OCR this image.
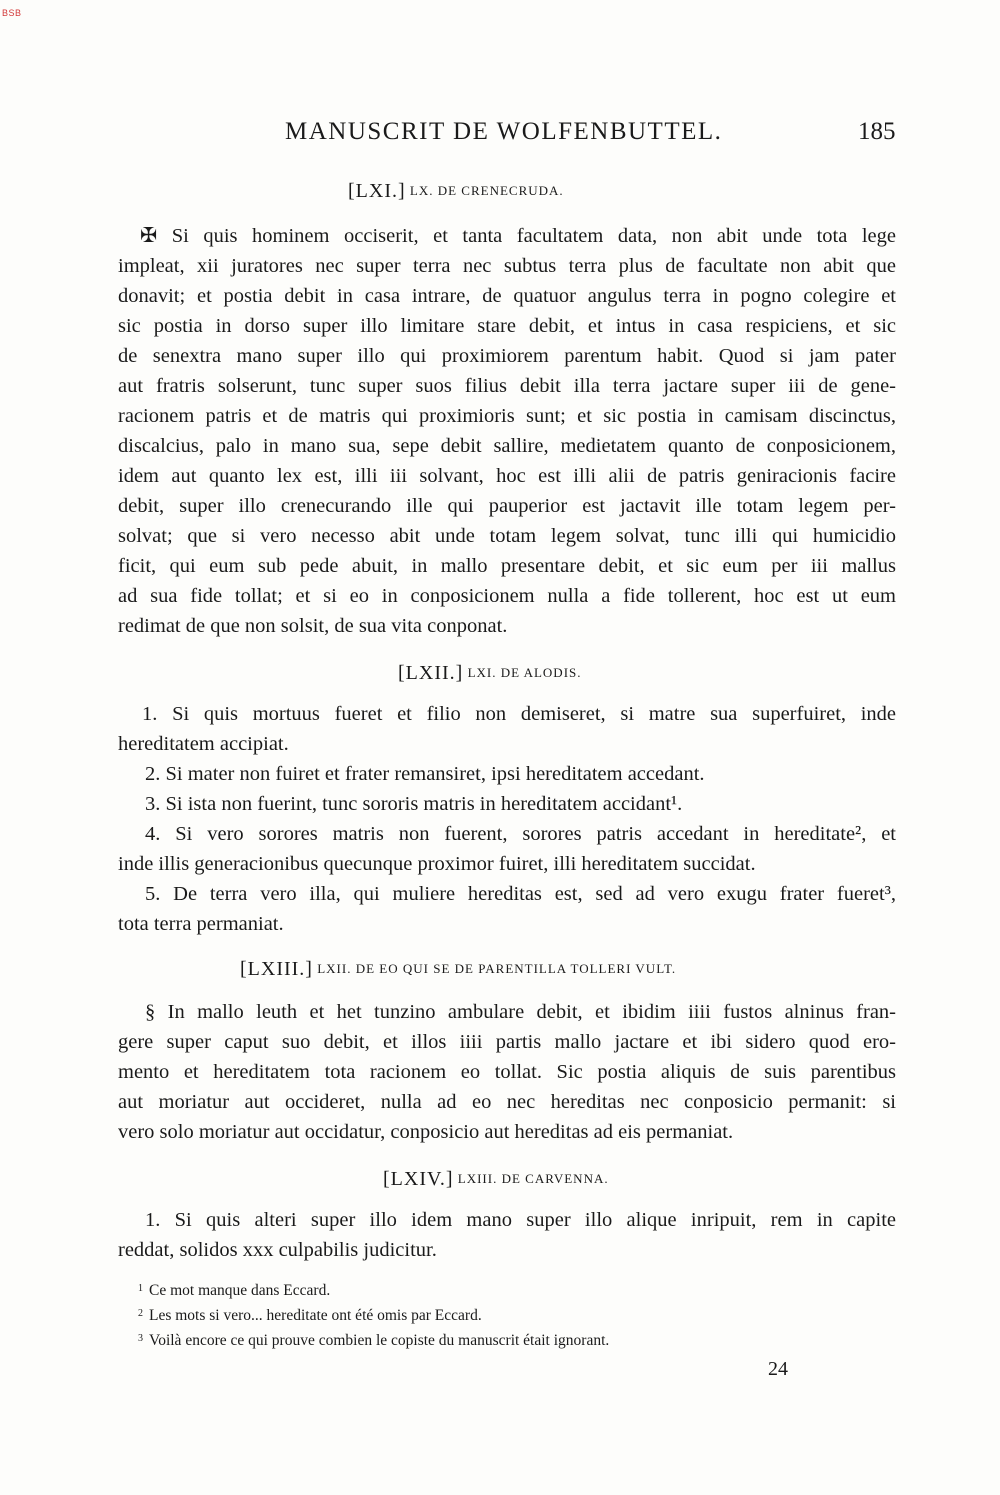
BSB
MANUSCRIT DE WOLFENBUTTEL.	185
[LXI.] LX. DE CRENECRUDA.
✠ Si quis hominem occiserit, et tanta facultatem data, non abit unde tota lege
impleat, xii juratores nec super terra nec subtus terra plus de facultate non abit que
donavit; et postia debit in casa intrare, de quatuor angulus terra in pogno colegire et
sic postia in dorso super illo limitare stare debit, et intus in casa respiciens, et sic
de senextra mano super illo qui proximiorem parentum habit. Quod si jam pater
aut fratris solserunt, tunc super suos filius debit illa terra jactare super iii de gene-
racionem patris et de matris qui proximioris sunt; et sic postia in camisam discinctus,
discalcius, palo in mano sua, sepe debit sallire, medietatem quanto de conposicionem,
idem aut quanto lex est, illi iii solvant, hoc est illi alii de patris geniracionis facire
debit, super illo crenecurando ille qui pauperior est jactavit ille totam legem per-
solvat; que si vero necesso abit unde totam legem solvat, tunc illi qui humicidio
ficit, qui eum sub pede abuit, in mallo presentare debit, et sic eum per iii mallus
ad sua fide tollat; et si eo in conposicionem nulla a fide tollerent, hoc est ut eum
redimat de que non solsit, de sua vita conponat.
[LXII.] LXI. DE ALODIS.
1. Si quis mortuus fueret et filio non demiseret, si matre sua superfuiret, inde
hereditatem accipiat.
2. Si mater non fuiret et frater remansiret, ipsi hereditatem accedant.
3. Si ista non fuerint, tunc sororis matris in hereditatem accidant¹.
4. Si vero sorores matris non fuerent, sorores patris accedant in hereditate², et
inde illis generacionibus quecunque proximor fuiret, illi hereditatem succidat.
5. De terra vero illa, qui muliere hereditas est, sed ad vero exugu frater fueret³,
tota terra permaniat.
[LXIII.] LXII. DE EO QUI SE DE PARENTILLA TOLLERI VULT.
§ In mallo leuth et het tunzino ambulare debit, et ibidim iiii fustos alninus fran-
gere super caput suo debit, et illos iiii partis mallo jactare et ibi sidero quod ero-
mento et hereditatem tota racionem eo tollat. Sic postia aliquis de suis parentibus
aut moriatur aut occideret, nulla ad eo nec hereditas nec conposicio permanit: si
vero solo moriatur aut occidatur, conposicio aut hereditas ad eis permaniat.
[LXIV.] LXIII. DE CARVENNA.
1. Si quis alteri super illo idem mano super illo alique inripuit, rem in capite
reddat, solidos xxx culpabilis judicitur.
$^1$ Ce mot manque dans Eccard.
$^2$ Les mots si vero... hereditate ont été omis par Eccard.
$^3$ Voilà encore ce qui prouve combien le copiste du manuscrit était ignorant.
24
